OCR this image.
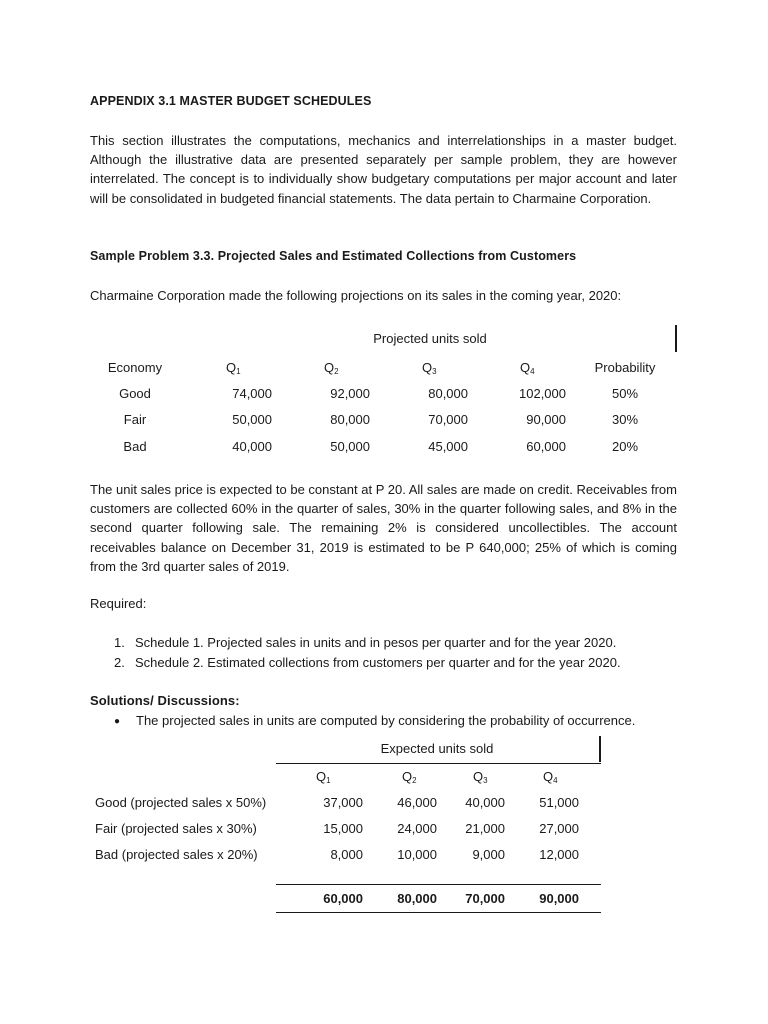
APPENDIX 3.1 MASTER BUDGET SCHEDULES
This section illustrates the computations, mechanics and interrelationships in a master budget. Although the illustrative data are presented separately per sample problem, they are however interrelated. The concept is to individually show budgetary computations per major account and later will be consolidated in budgeted financial statements. The data pertain to Charmaine Corporation.
Sample Problem 3.3. Projected Sales and Estimated Collections from Customers
Charmaine Corporation made the following projections on its sales in the coming year, 2020:
Projected units sold
Economy	$Q_1$	$Q_2$	$Q_3$	$Q_4$	Probability
Good	74,000	92,000	80,000	102,000	50%
Fair	50,000	80,000	70,000	90,000	30%
Bad	40,000	50,000	45,000	60,000	20%
The unit sales price is expected to be constant at P 20. All sales are made on credit. Receivables from customers are collected 60% in the quarter of sales, 30% in the quarter following sales, and 8% in the second quarter following sale. The remaining 2% is considered uncollectibles. The account receivables balance on December 31, 2019 is estimated to be P 640,000; 25% of which is coming from the 3rd quarter sales of 2019.
Required:
1. Schedule 1. Projected sales in units and in pesos per quarter and for the year 2020.
2. Schedule 2. Estimated collections from customers per quarter and for the year 2020.
Solutions/ Discussions:
● The projected sales in units are computed by considering the probability of occurrence.
Expected units sold
$Q_1$	$Q_2$	$Q_3$	$Q_4$
Good (projected sales x 50%)	37,000	46,000	40,000	51,000
Fair (projected sales x 30%)	15,000	24,000	21,000	27,000
Bad (projected sales x 20%)	8,000	10,000	9,000	12,000
60,000	80,000	70,000	90,000
